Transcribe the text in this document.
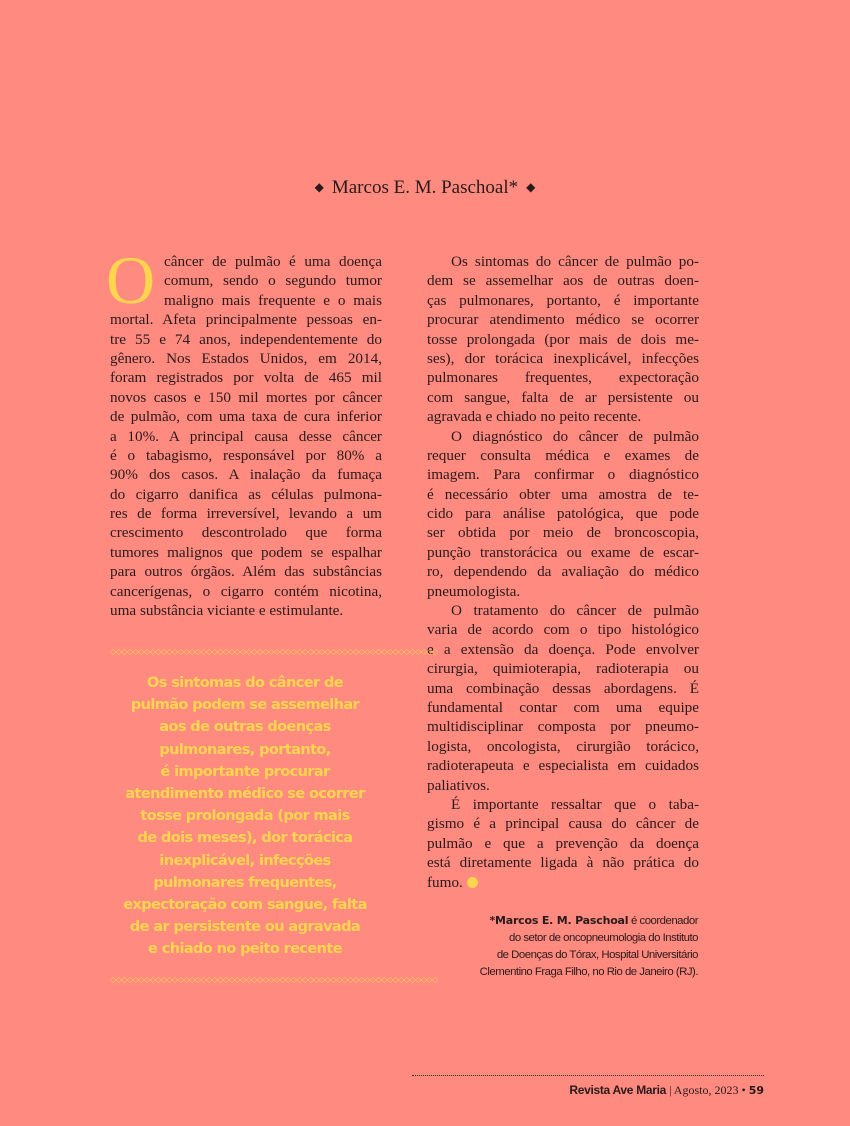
◆ Marcos E. M. Paschoal* ◆
O câncer de pulmão é uma doença
comum, sendo o segundo tumor
maligno mais frequente e o mais
mortal. Afeta principalmente pessoas en-
tre 55 e 74 anos, independentemente do
gênero. Nos Estados Unidos, em 2014,
foram registrados por volta de 465 mil
novos casos e 150 mil mortes por câncer
de pulmão, com uma taxa de cura inferior
a 10%. A principal causa desse câncer
é o tabagismo, responsável por 80% a
90% dos casos. A inalação da fumaça
do cigarro danifica as células pulmona-
res de forma irreversível, levando a um
crescimento descontrolado que forma
tumores malignos que podem se espalhar
para outros órgãos. Além das substâncias
cancerígenas, o cigarro contém nicotina,
uma substância viciante e estimulante.
Os sintomas do câncer de pulmão po-
dem se assemelhar aos de outras doen-
ças pulmonares, portanto, é importante
procurar atendimento médico se ocorrer
tosse prolongada (por mais de dois me-
ses), dor torácica inexplicável, infecções
pulmonares frequentes, expectoração
com sangue, falta de ar persistente ou
agravada e chiado no peito recente.
O diagnóstico do câncer de pulmão
requer consulta médica e exames de
imagem. Para confirmar o diagnóstico
é necessário obter uma amostra de te-
cido para análise patológica, que pode
ser obtida por meio de broncoscopia,
punção transtorácica ou exame de escar-
ro, dependendo da avaliação do médico
pneumologista.
O tratamento do câncer de pulmão
varia de acordo com o tipo histológico
e a extensão da doença. Pode envolver
cirurgia, quimioterapia, radioterapia ou
uma combinação dessas abordagens. É
fundamental contar com uma equipe
multidisciplinar composta por pneumo-
logista, oncologista, cirurgião torácico,
radioterapeuta e especialista em cuidados
paliativos.
É importante ressaltar que o taba-
gismo é a principal causa do câncer de
pulmão e que a prevenção da doença
está diretamente ligada à não prática do
fumo.
◇◇◇◇◇◇◇◇◇◇◇◇◇◇◇◇◇◇◇◇◇◇◇◇◇◇◇◇◇◇◇◇◇◇◇◇◇◇◇◇◇◇◇◇◇◇◇◇◇◇◇◇◇◇◇◇◇◇
Os sintomas do câncer de
pulmão podem se assemelhar
aos de outras doenças
pulmonares, portanto,
é importante procurar
atendimento médico se ocorrer
tosse prolongada (por mais
de dois meses), dor torácica
inexplicável, infecções
pulmonares frequentes,
expectoração com sangue, falta
de ar persistente ou agravada
e chiado no peito recente
◇◇◇◇◇◇◇◇◇◇◇◇◇◇◇◇◇◇◇◇◇◇◇◇◇◇◇◇◇◇◇◇◇◇◇◇◇◇◇◇◇◇◇◇◇◇◇◇◇◇◇◇◇◇◇◇◇◇
*Marcos E. M. Paschoal é coordenador
do setor de oncopneumologia do Instituto
de Doenças do Tórax, Hospital Universitário
Clementino Fraga Filho, no Rio de Janeiro (RJ).
Revista Ave Maria | Agosto, 2023 • 59
